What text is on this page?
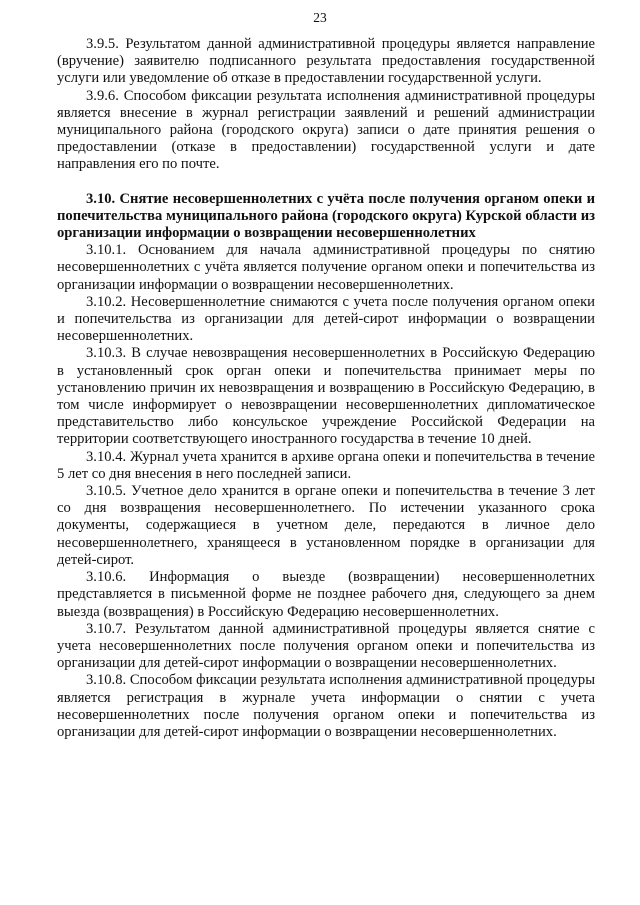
23

3.9.5. Результатом данной административной процедуры является направление (вручение) заявителю подписанного результата предоставления государственной услуги или уведомление об отказе в предоставлении государственной услуги.

3.9.6. Способом фиксации результата исполнения административной процедуры является внесение в журнал регистрации заявлений и решений администрации муниципального района (городского округа) записи о дате принятия решения о предоставлении (отказе в предоставлении) государственной услуги и дате направления его по почте.

3.10. Снятие несовершеннолетних с учёта после получения органом опеки и попечительства муниципального района (городского округа) Курской области из организации информации о возвращении несовершеннолетних

3.10.1. Основанием для начала административной процедуры по снятию несовершеннолетних с учёта является получение органом опеки и попечительства из организации информации о возвращении несовершеннолетних.

3.10.2. Несовершеннолетние снимаются с учета после получения органом опеки и попечительства из организации для детей-сирот информации о возвращении несовершеннолетних.

3.10.3. В случае невозвращения несовершеннолетних в Российскую Федерацию в установленный срок орган опеки и попечительства принимает меры по установлению причин их невозвращения и возвращению в Российскую Федерацию, в том числе информирует о невозвращении несовершеннолетних дипломатическое представительство либо консульское учреждение Российской Федерации на территории соответствующего иностранного государства в течение 10 дней.

3.10.4. Журнал учета хранится в архиве органа опеки и попечительства в течение 5 лет со дня внесения в него последней записи.

3.10.5. Учетное дело хранится в органе опеки и попечительства в течение 3 лет со дня возвращения несовершеннолетнего. По истечении указанного срока документы, содержащиеся в учетном деле, передаются в личное дело несовершеннолетнего, хранящееся в установленном порядке в организации для детей-сирот.

3.10.6. Информация о выезде (возвращении) несовершеннолетних представляется в письменной форме не позднее рабочего дня, следующего за днем выезда (возвращения) в Российскую Федерацию несовершеннолетних.

3.10.7. Результатом данной административной процедуры является снятие с учета несовершеннолетних после получения органом опеки и попечительства из организации для детей-сирот информации о возвращении несовершеннолетних.

3.10.8. Способом фиксации результата исполнения административной процедуры является регистрация в журнале учета информации о снятии с учета несовершеннолетних после получения органом опеки и попечительства из организации для детей-сирот информации о возвращении несовершеннолетних.
